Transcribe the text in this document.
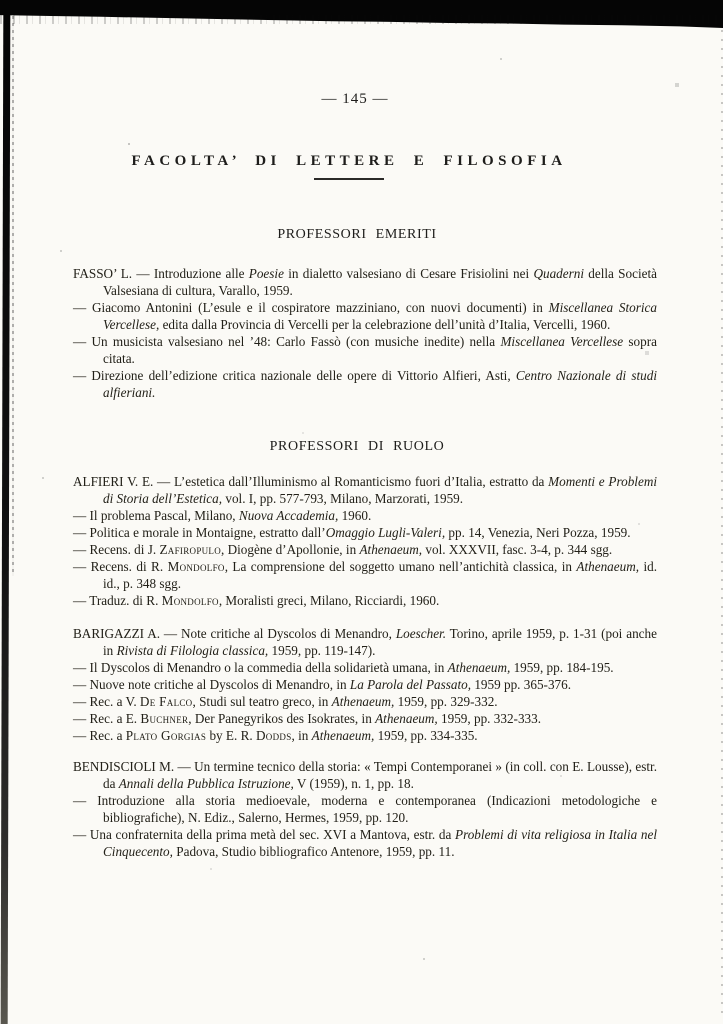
— 145 —
FACOLTA’ DI LETTERE E FILOSOFIA
PROFESSORI EMERITI

FASSO’ L. — Introduzione alle Poesie in dialetto valsesiano di Cesare Frisiolini nei Quaderni della Società Valsesiana di cultura, Varallo, 1959.

— Giacomo Antonini (L’esule e il cospiratore mazziniano, con nuovi documenti) in Miscellanea Storica Vercellese, edita dalla Provincia di Vercelli per la celebrazione dell’unità d’Italia, Vercelli, 1960.

— Un musicista valsesiano nel ’48: Carlo Fassò (con musiche inedite) nella Miscellanea Vercellese sopra citata.

— Direzione dell’edizione critica nazionale delle opere di Vittorio Alfieri, Asti, Centro Nazionale di studi alfieriani.

PROFESSORI DI RUOLO

ALFIERI V. E. — L’estetica dall’Illuminismo al Romanticismo fuori d’Italia, estratto da Momenti e Problemi di Storia dell’Estetica, vol. I, pp. 577-793, Milano, Marzorati, 1959.

— Il problema Pascal, Milano, Nuova Accademia, 1960.

— Politica e morale in Montaigne, estratto dall’Omaggio Lugli-Valeri, pp. 14, Venezia, Neri Pozza, 1959.

— Recens. di J. Zafiropulo, Diogène d’Apollonie, in Athenaeum, vol. XXXVII, fasc. 3-4, p. 344 sgg.

— Recens. di R. Mondolfo, La comprensione del soggetto umano nell’antichità classica, in Athenaeum, id. id., p. 348 sgg.

— Traduz. di R. Mondolfo, Moralisti greci, Milano, Ricciardi, 1960.

BARIGAZZI A. — Note critiche al Dyscolos di Menandro, Loescher. Torino, aprile 1959, p. 1-31 (poi anche in Rivista di Filologia classica, 1959, pp. 119-147).

— Il Dyscolos di Menandro o la commedia della solidarietà umana, in Athenaeum, 1959, pp. 184-195.

— Nuove note critiche al Dyscolos di Menandro, in La Parola del Passato, 1959 pp. 365-376.

— Rec. a V. De Falco, Studi sul teatro greco, in Athenaeum, 1959, pp. 329-332.

— Rec. a E. Buchner, Der Panegyrikos des Isokrates, in Athenaeum, 1959, pp. 332-333.

— Rec. a Plato Gorgias by E. R. Dodds, in Athenaeum, 1959, pp. 334-335.

BENDISCIOLI M. — Un termine tecnico della storia: « Tempi Contemporanei » (in coll. con E. Lousse), estr. da Annali della Pubblica Istruzione, V (1959), n. 1, pp. 18.

— Introduzione alla storia medioevale, moderna e contemporanea (Indicazioni metodologiche e bibliografiche), N. Ediz., Salerno, Hermes, 1959, pp. 120.

— Una confraternita della prima metà del sec. XVI a Mantova, estr. da Problemi di vita religiosa in Italia nel Cinquecento, Padova, Studio bibliografico Antenore, 1959, pp. 11.
